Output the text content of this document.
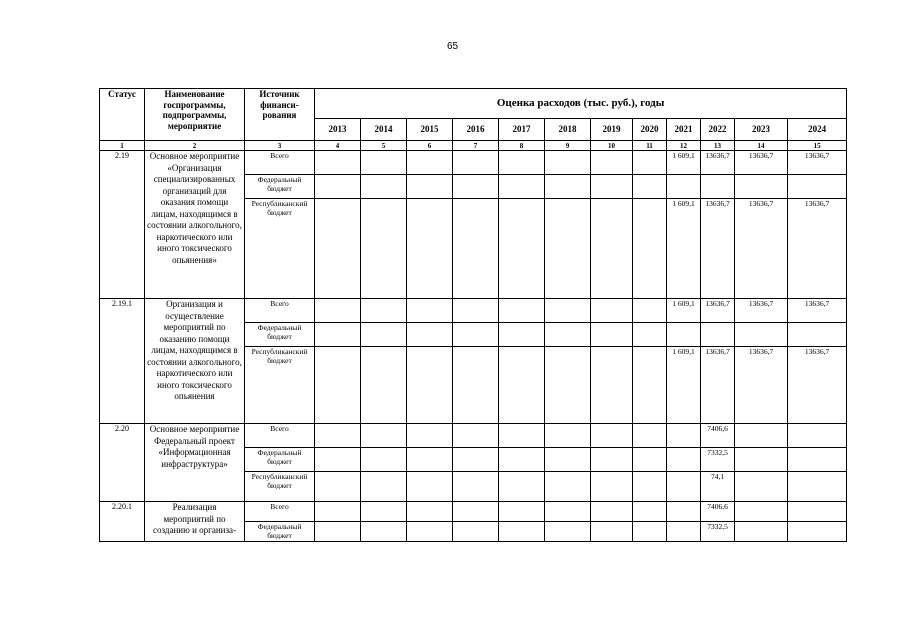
65
Статус	Наименование госпрограммы, подпрограммы, мероприятие	Источник финанси-рования	Оценка расходов (тыс. руб.), годы											
			2013	2014	2015	2016	2017	2018	2019	2020	2021	2022	2023	2024
1	2	3	4	5	6	7	8	9	10	11	12	13	14	15
2.19	Основное мероприятие «Организация специализированных организаций для оказания помощи лицам, находящимся в состоянии алкогольного, наркотического или иного токсического опьянения»	Всего									1 609,1	13636,7	13636,7	13636,7
		Федеральный бюджет												
		Республиканский бюджет									1 609,1	13636,7	13636,7	13636,7
2.19.1	Организация и осуществление мероприятий по оказанию помощи лицам, находящимся в состоянии алкогольного, наркотического или иного токсического опьянения	Всего									1 609,1	13636,7	13636,7	13636,7
		Федеральный бюджет												
		Республиканский бюджет									1 609,1	13636,7	13636,7	13636,7
2.20	Основное мероприятие Федеральный проект «Информационная инфраструктура»	Всего										7406,6		
		Федеральный бюджет										7332,5		
		Республиканский бюджет										74,1		
2.20.1	Реализация мероприятий по созданию и организа-	Всего										7406,6		
		Федеральный бюджет										7332,5		
